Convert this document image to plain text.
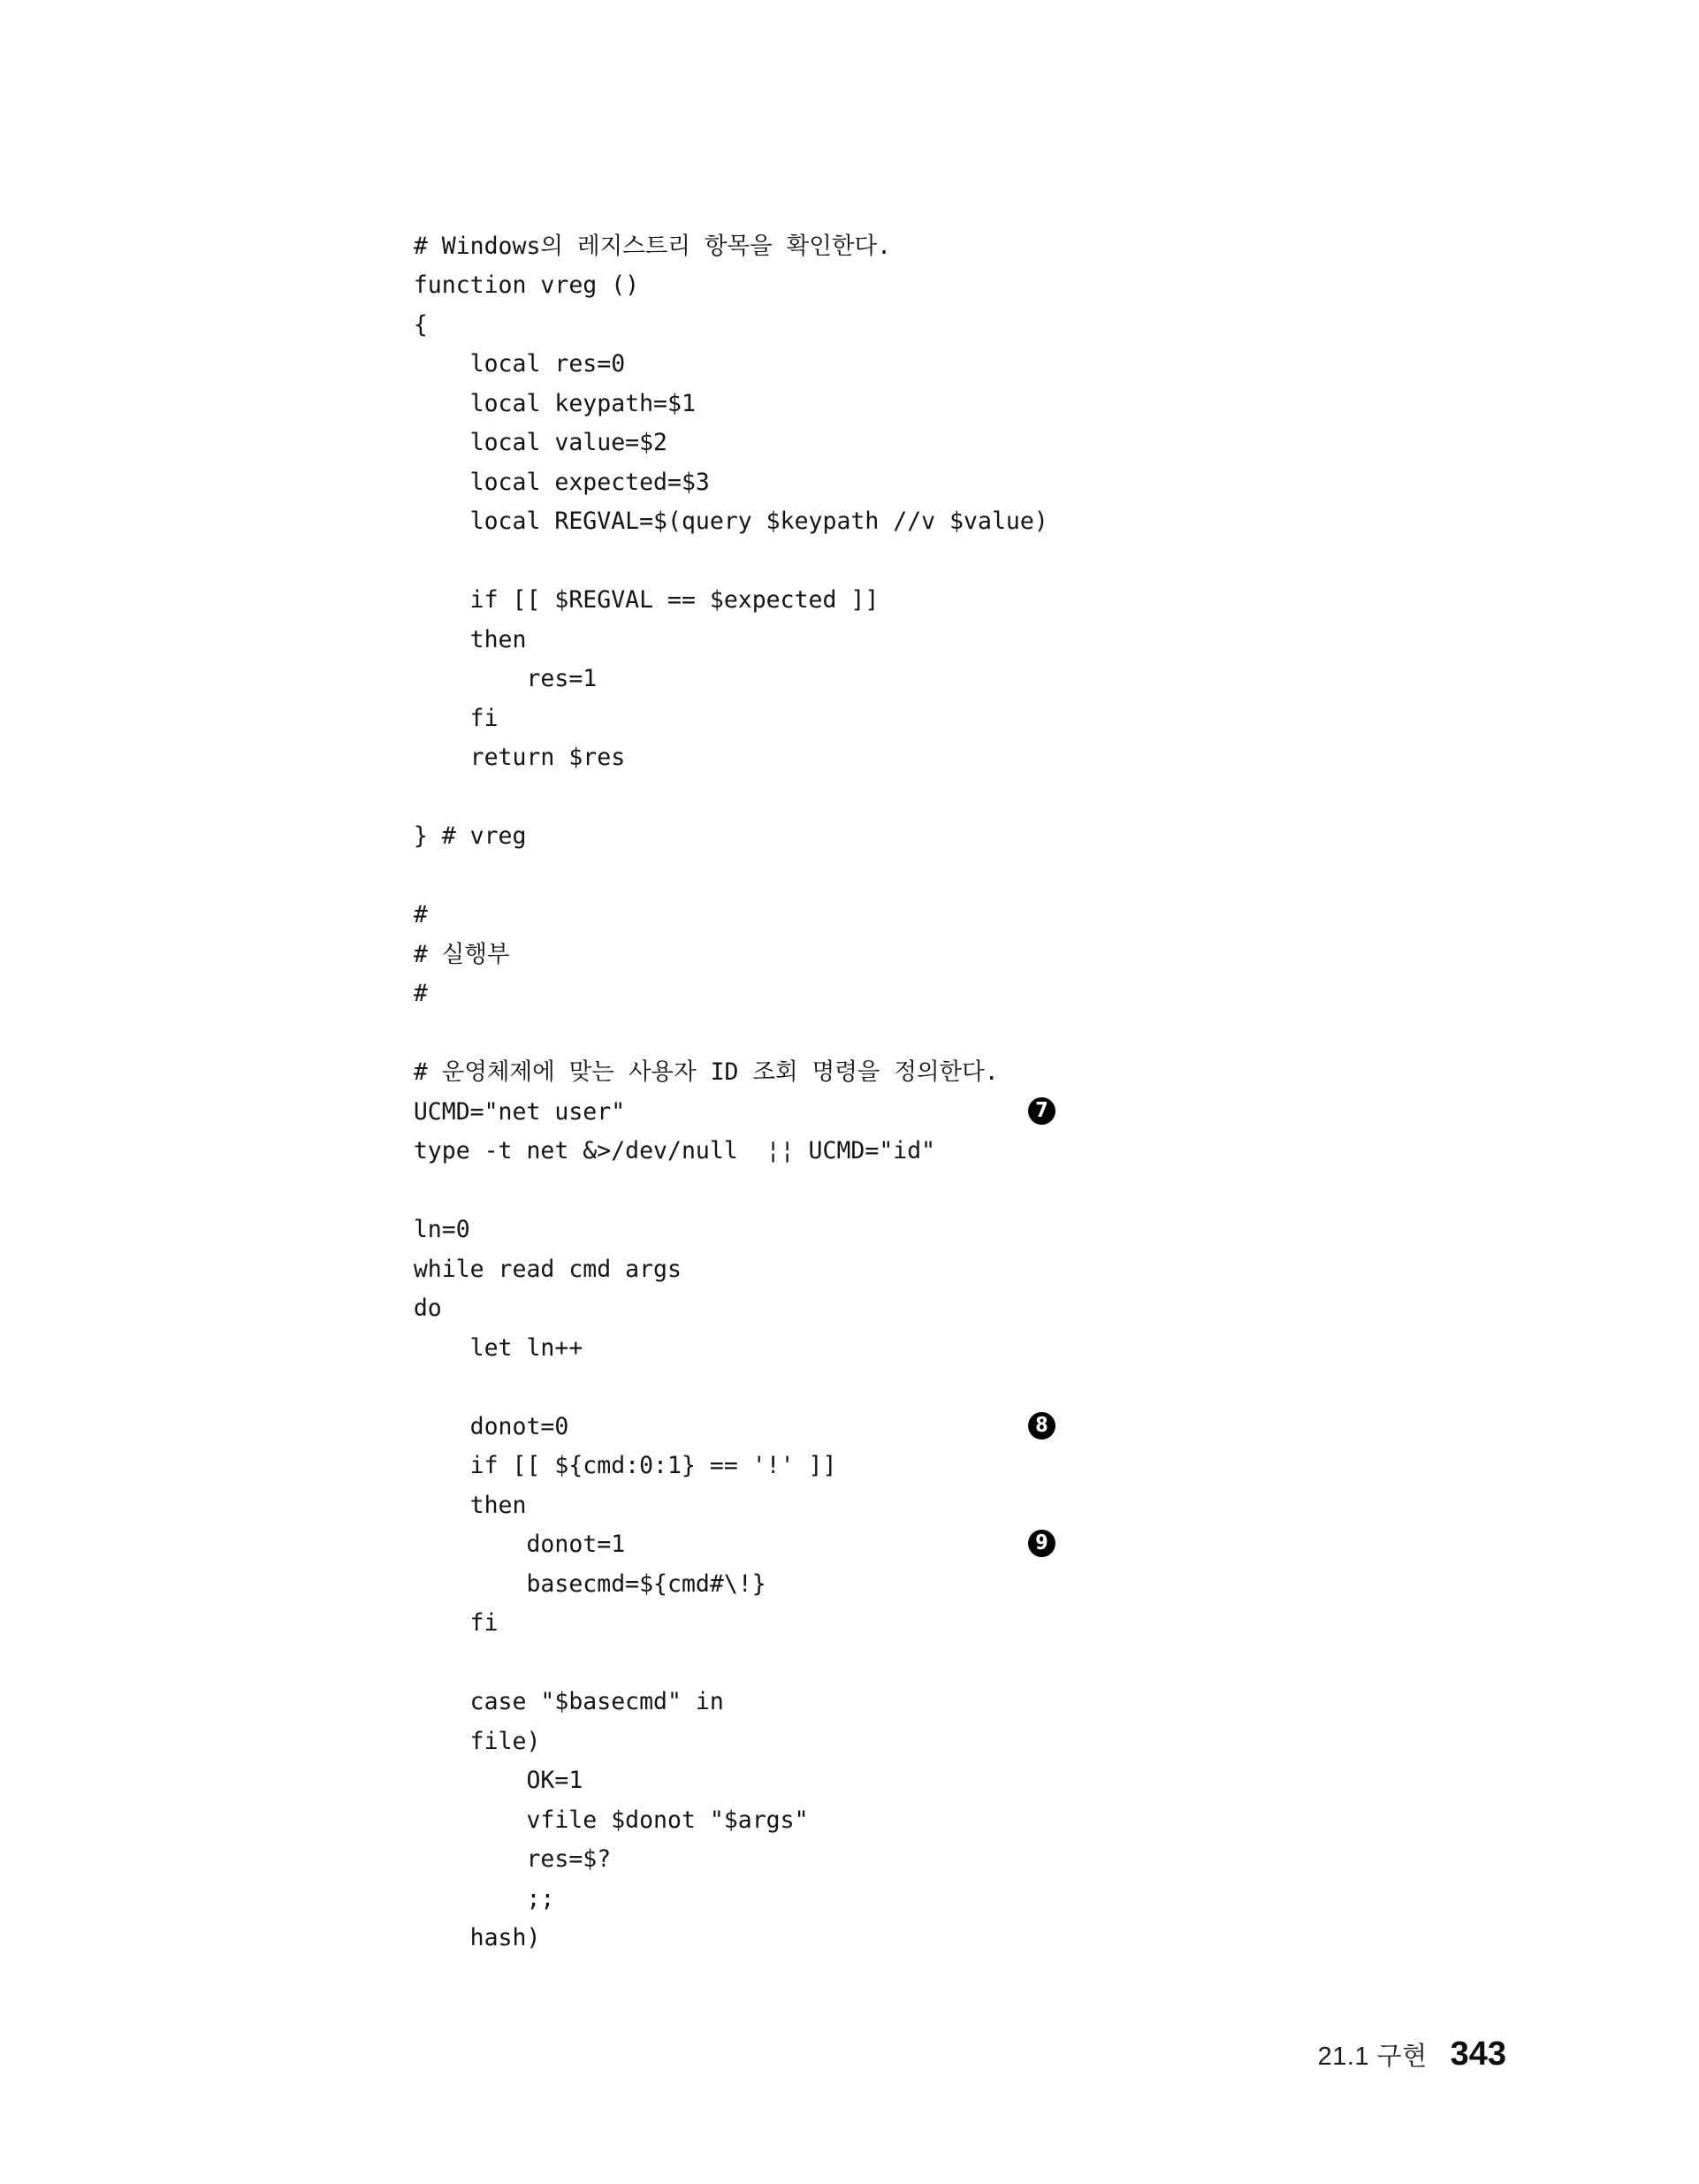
# Windows의 레지스트리 항목을 확인한다.

function vreg ()

{

local res=0

local keypath=$1

local value=$2

local expected=$3

local REGVAL=$(query $keypath //v $value)

if [[ $REGVAL == $expected ]]

then

res=1

fi

return $res

} # vreg

#

# 실행부

#

# 운영체제에 맞는 사용자 ID 조회 명령을 정의한다.

UCMD="net user"

type -t net &>/dev/null  ¦¦ UCMD="id"

7

ln=0

while read cmd args

do

let ln++

donot=0

if [[ ${cmd:0:1} == '!' ]]

8

then

donot=1

basecmd=${cmd#\!}

9

fi

case "$basecmd" in

file)

OK=1

vfile $donot "$args"

res=$?

;;

hash)

21.1 구현 343
